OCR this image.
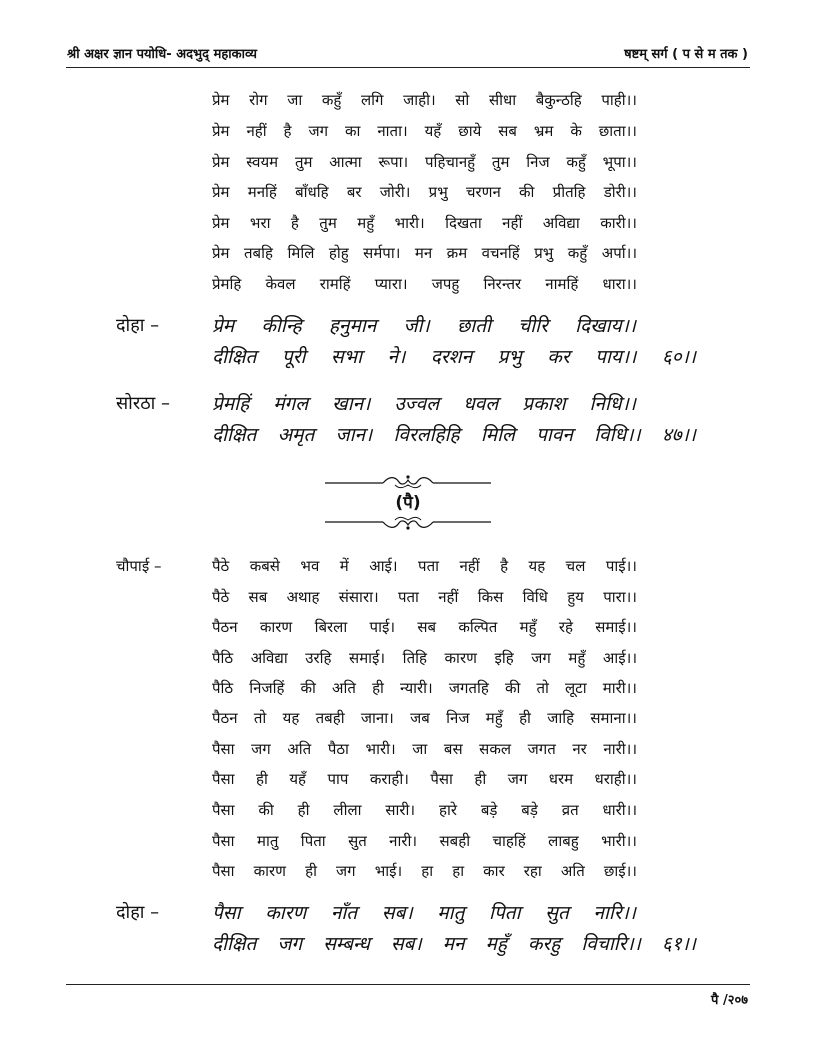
श्री अक्षर ज्ञान पयोधि- अदभुद् महाकाव्य	षष्टम् सर्ग ( प से म तक )
प्रेम रोग जा कहुँ लगि जाही। सो सीधा बैकुन्ठहि पाही।।
प्रेम नहीं है जग का नाता। यहँ छाये सब भ्रम के छाता।।
प्रेम स्वयम तुम आत्मा रूपा। पहिचानहुँ तुम निज कहुँ भूपा।।
प्रेम मनहिं बाँधहि बर जोरी। प्रभु चरणन की प्रीतहि डोरी।।
प्रेम भरा है तुम महुँ भारी। दिखता नहीं अविद्या कारी।।
प्रेम तबहि मिलि होहु सर्मपा। मन क्रम वचनहिं प्रभु कहुँ अर्पा।।
प्रेमहि केवल रामहिं प्यारा। जपहु निरन्तर नामहिं धारा।।
दोहा –	प्रेम कीन्हि हनुमान जी। छाती चीरि दिखाय।।
दीक्षित पूरी सभा ने। दरशन प्रभु कर पाय।। ६०।।
सोरठा – प्रेमहिं मंगल खान। उज्वल धवल प्रकाश निधि।।
दीक्षित अमृत जान। विरलहिहि मिलि पावन विधि।। ४७।।
(पै)
चौपाई –	पैठे कबसे भव में आई। पता नहीं है यह चल पाई।।
पैठे सब अथाह संसारा। पता नहीं किस विधि हुय पारा।।
पैठन कारण बिरला पाई। सब कल्पित महुँ रहे समाई।।
पैठि अविद्या उरहि समाई। तिहि कारण इहि जग महुँ आई।।
पैठि निजहिं की अति ही न्यारी। जगतहि की तो लूटा मारी।।
पैठन तो यह तबही जाना। जब निज महुँ ही जाहि समाना।।
पैसा जग अति पैठा भारी। जा बस सकल जगत नर नारी।।
पैसा ही यहँ पाप कराही। पैसा ही जग धरम धराही।।
पैसा की ही लीला सारी। हारे बड़े बड़े व्रत धारी।।
पैसा मातु पिता सुत नारी। सबही चाहहिं लाबहु भारी।।
पैसा कारण ही जग भाई। हा हा कार रहा अति छाई।।
दोहा –	पैसा कारण नाँत सब। मातु पिता सुत नारि।।
दीक्षित जग सम्बन्ध सब। मन महुँ करहु विचारि।। ६१।।
पै /२०७
